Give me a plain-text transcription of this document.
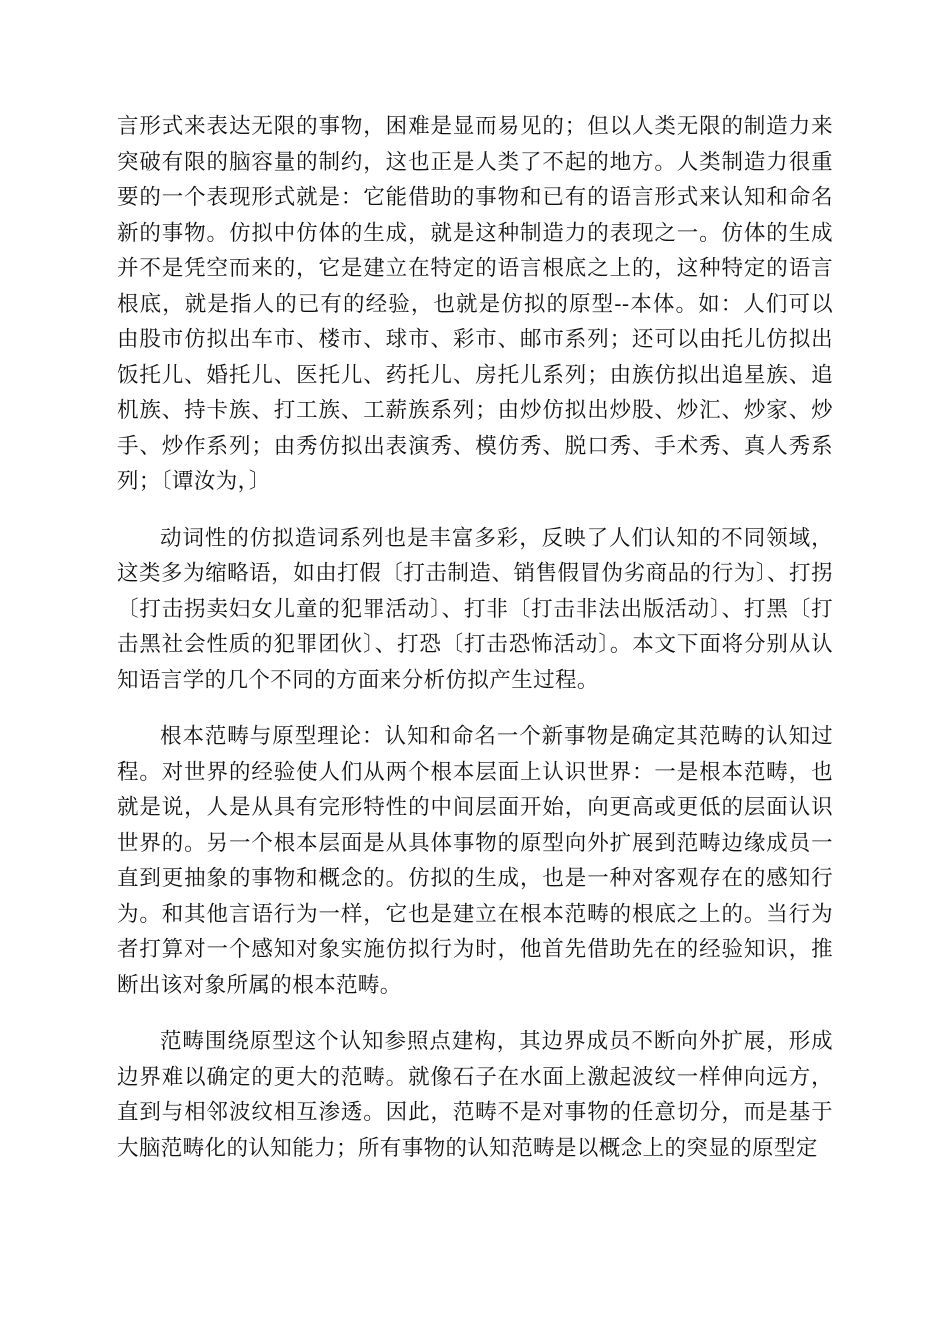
言形式来表达无限的事物，困难是显而易见的；但以人类无限的制造力来突破有限的脑容量的制约，这也正是人类了不起的地方。人类制造力很重要的一个表现形式就是：它能借助的事物和已有的语言形式来认知和命名新的事物。仿拟中仿体的生成，就是这种制造力的表现之一。仿体的生成并不是凭空而来的，它是建立在特定的语言根底之上的，这种特定的语言根底，就是指人的已有的经验，也就是仿拟的原型--本体。如：人们可以由股市仿拟出车市、楼市、球市、彩市、邮市系列；还可以由托儿仿拟出饭托儿、婚托儿、医托儿、药托儿、房托儿系列；由族仿拟出追星族、追机族、持卡族、打工族、工薪族系列；由炒仿拟出炒股、炒汇、炒家、炒手、炒作系列；由秀仿拟出表演秀、模仿秀、脱口秀、手术秀、真人秀系列；〔谭汝为，〕

动词性的仿拟造词系列也是丰富多彩，反映了人们认知的不同领域，这类多为缩略语，如由打假〔打击制造、销售假冒伪劣商品的行为〕、打拐〔打击拐卖妇女儿童的犯罪活动〕、打非〔打击非法出版活动〕、打黑〔打击黑社会性质的犯罪团伙〕、打恐〔打击恐怖活动〕。本文下面将分别从认知语言学的几个不同的方面来分析仿拟产生过程。

根本范畴与原型理论：认知和命名一个新事物是确定其范畴的认知过程。对世界的经验使人们从两个根本层面上认识世界：一是根本范畴，也就是说，人是从具有完形特性的中间层面开始，向更高或更低的层面认识世界的。另一个根本层面是从具体事物的原型向外扩展到范畴边缘成员一直到更抽象的事物和概念的。仿拟的生成，也是一种对客观存在的感知行为。和其他言语行为一样，它也是建立在根本范畴的根底之上的。当行为者打算对一个感知对象实施仿拟行为时，他首先借助先在的经验知识，推断出该对象所属的根本范畴。

范畴围绕原型这个认知参照点建构，其边界成员不断向外扩展，形成边界难以确定的更大的范畴。就像石子在水面上激起波纹一样伸向远方，直到与相邻波纹相互渗透。因此，范畴不是对事物的任意切分，而是基于大脑范畴化的认知能力；所有事物的认知范畴是以概念上的突显的原型定
